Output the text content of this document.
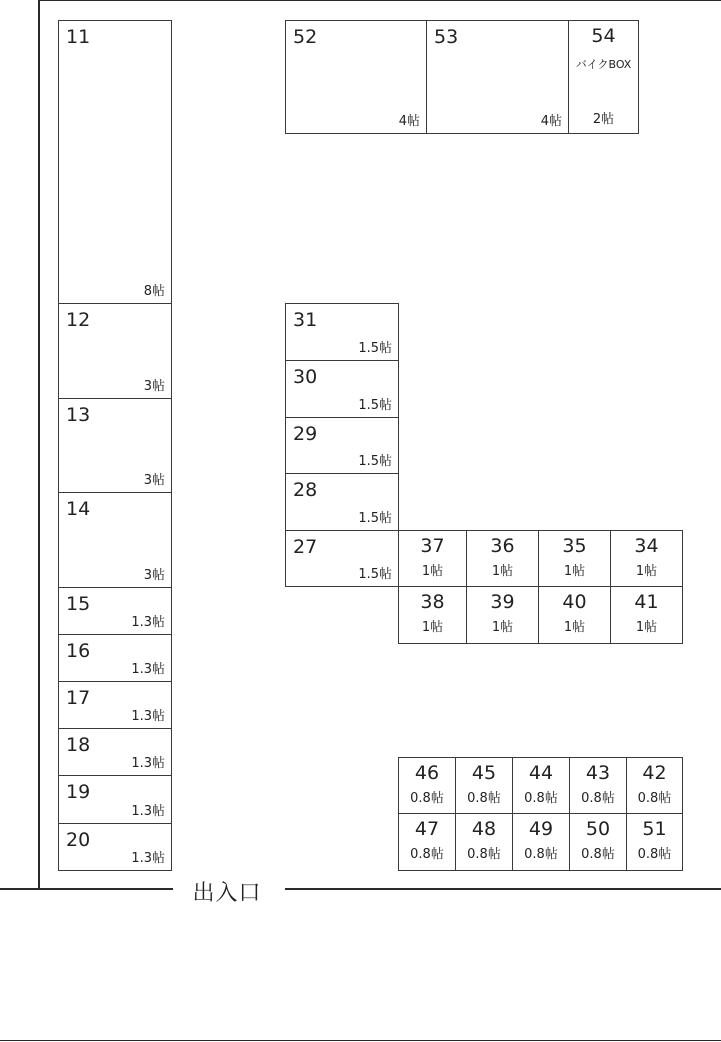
出入口
11
8帖
12
3帖
13
3帖
14
3帖
15
1.3帖
16
1.3帖
17
1.3帖
18
1.3帖
19
1.3帖
20
1.3帖
52
4帖
53
4帖
54
バイクBOX
2帖
31
1.5帖
30
1.5帖
29
1.5帖
28
1.5帖
27
1.5帖
37
1帖
36
1帖
35
1帖
34
1帖
38
1帖
39
1帖
40
1帖
41
1帖
46
0.8帖
45
0.8帖
44
0.8帖
43
0.8帖
42
0.8帖
47
0.8帖
48
0.8帖
49
0.8帖
50
0.8帖
51
0.8帖
